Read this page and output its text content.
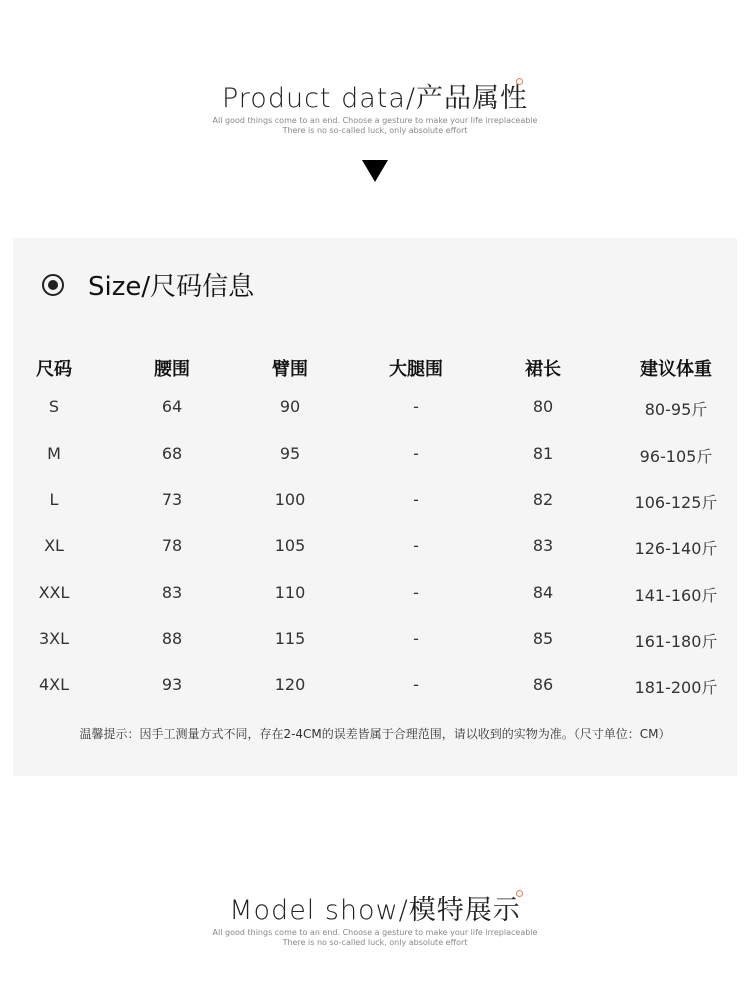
Product data/产品属性
All good things come to an end. Choose a gesture to make your life irreplaceable
There is no so-called luck, only absolute effort
Size/尺码信息
尺码	腰围	臂围	大腿围	裙长	建议体重
S	64	90	-	80	80-95斤
M	68	95	-	81	96-105斤
L	73	100	-	82	106-125斤
XL	78	105	-	83	126-140斤
XXL	83	110	-	84	141-160斤
3XL	88	115	-	85	161-180斤
4XL	93	120	-	86	181-200斤
温馨提示：因手工测量方式不同，存在2-4CM的误差皆属于合理范围，请以收到的实物为准。（尺寸单位：CM）
Model show/模特展示
All good things come to an end. Choose a gesture to make your life irreplaceable
There is no so-called luck, only absolute effort
